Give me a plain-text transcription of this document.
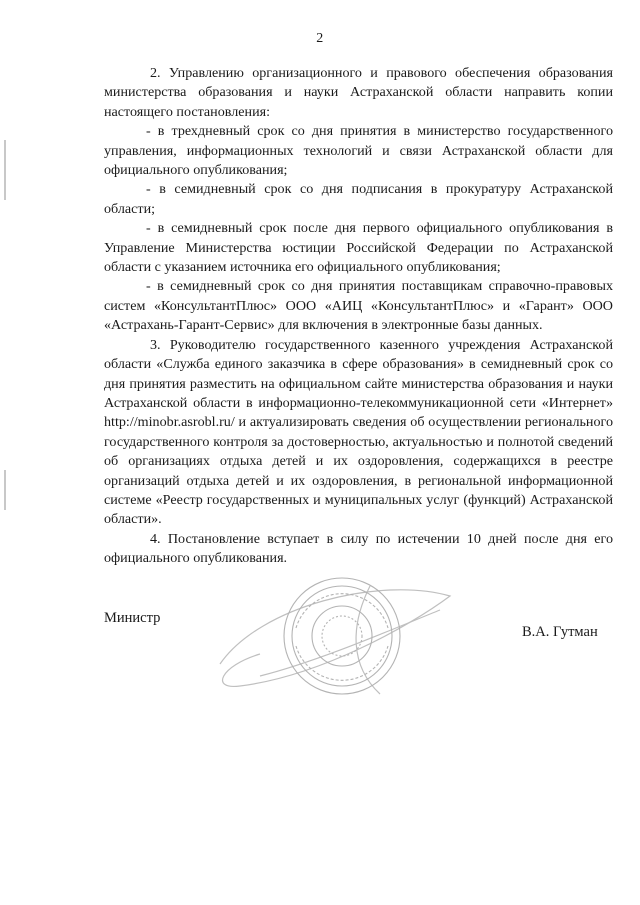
2

2. Управлению организационного и правового обеспечения образования министерства образования и науки Астраханской области направить копии настоящего постановления:

- в трехдневный срок со дня принятия в министерство государственного управления, информационных технологий и связи Астраханской области для официального опубликования;

- в семидневный срок со дня подписания в прокуратуру Астраханской области;

- в семидневный срок после дня первого официального опубликования в Управление Министерства юстиции Российской Федерации по Астраханской области с указанием источника его официального опубликования;

- в семидневный срок со дня принятия поставщикам справочно-правовых систем «КонсультантПлюс» ООО «АИЦ «КонсультантПлюс» и «Гарант» ООО «Астрахань-Гарант-Сервис» для включения в электронные базы данных.

3. Руководителю государственного казенного учреждения Астраханской области «Служба единого заказчика в сфере образования» в семидневный срок со дня принятия разместить на официальном сайте министерства образования и науки Астраханской области в информационно-телекоммуникационной сети «Интернет» http://minobr.asrobl.ru/ и актуализировать сведения об осуществлении регионального государственного контроля за достоверностью, актуальностью и полнотой сведений об организациях отдыха детей и их оздоровления, содержащихся в реестре организаций отдыха детей и их оздоровления, в региональной информационной системе «Реестр государственных и муниципальных услуг (функций) Астраханской области».

4. Постановление вступает в силу по истечении 10 дней после дня его официального опубликования.

Министр
В.А. Гутман
